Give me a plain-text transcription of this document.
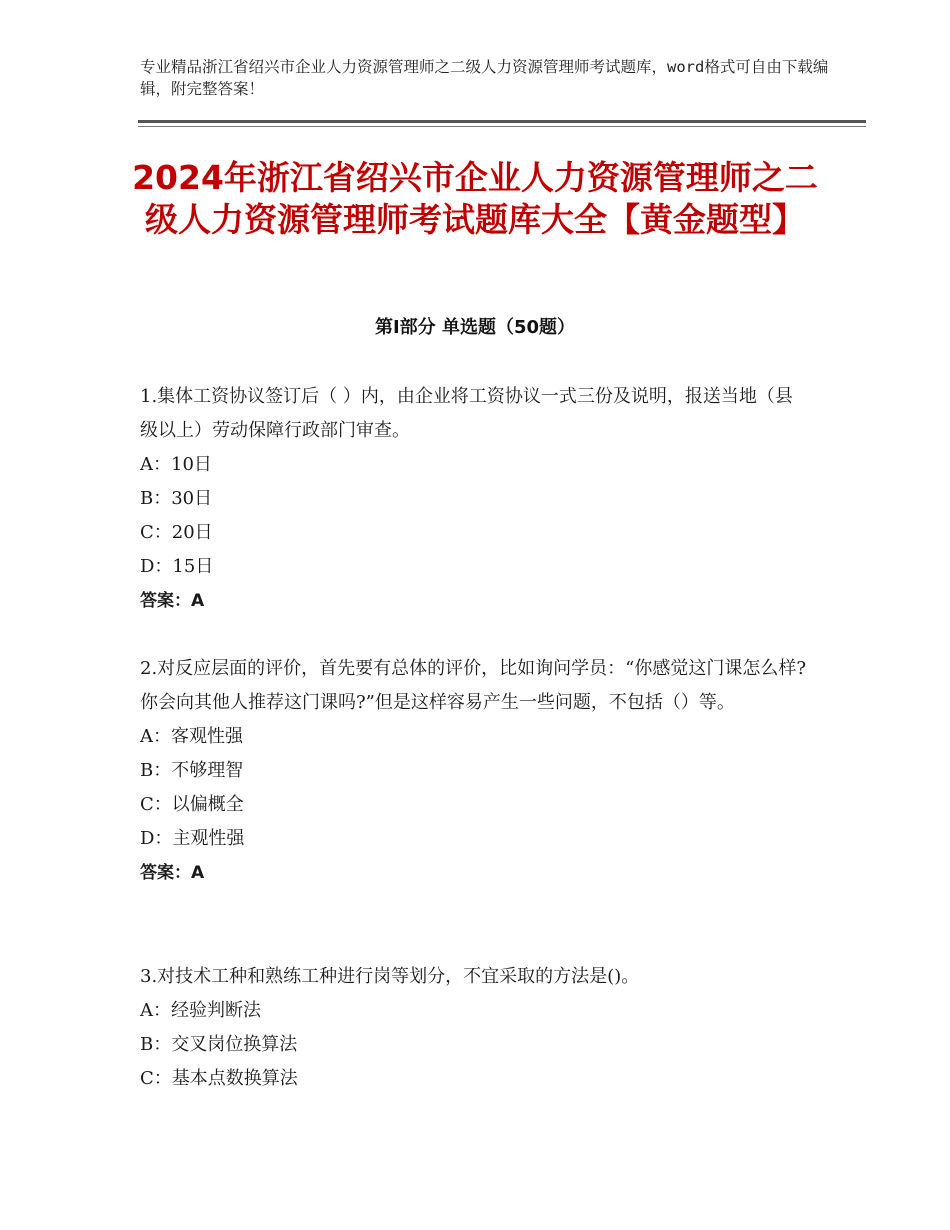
专业精品浙江省绍兴市企业人力资源管理师之二级人力资源管理师考试题库，word格式可自由下载编辑，附完整答案！
2024年浙江省绍兴市企业人力资源管理师之二级人力资源管理师考试题库大全【黄金题型】
第Ⅰ部分 单选题（50题）

1.集体工资协议签订后（ ）内，由企业将工资协议一式三份及说明，报送当地（县级以上）劳动保障行政部门审查。

A：10日

B：30日

C：20日

D：15日

答案：A

2.对反应层面的评价，首先要有总体的评价，比如询问学员：“你感觉这门课怎么样?你会向其他人推荐这门课吗?”但是这样容易产生一些问题，不包括（）等。

A：客观性强

B：不够理智

C：以偏概全

D：主观性强

答案：A

3.对技术工种和熟练工种进行岗等划分，不宜采取的方法是()。

A：经验判断法

B：交叉岗位换算法

C：基本点数换算法
